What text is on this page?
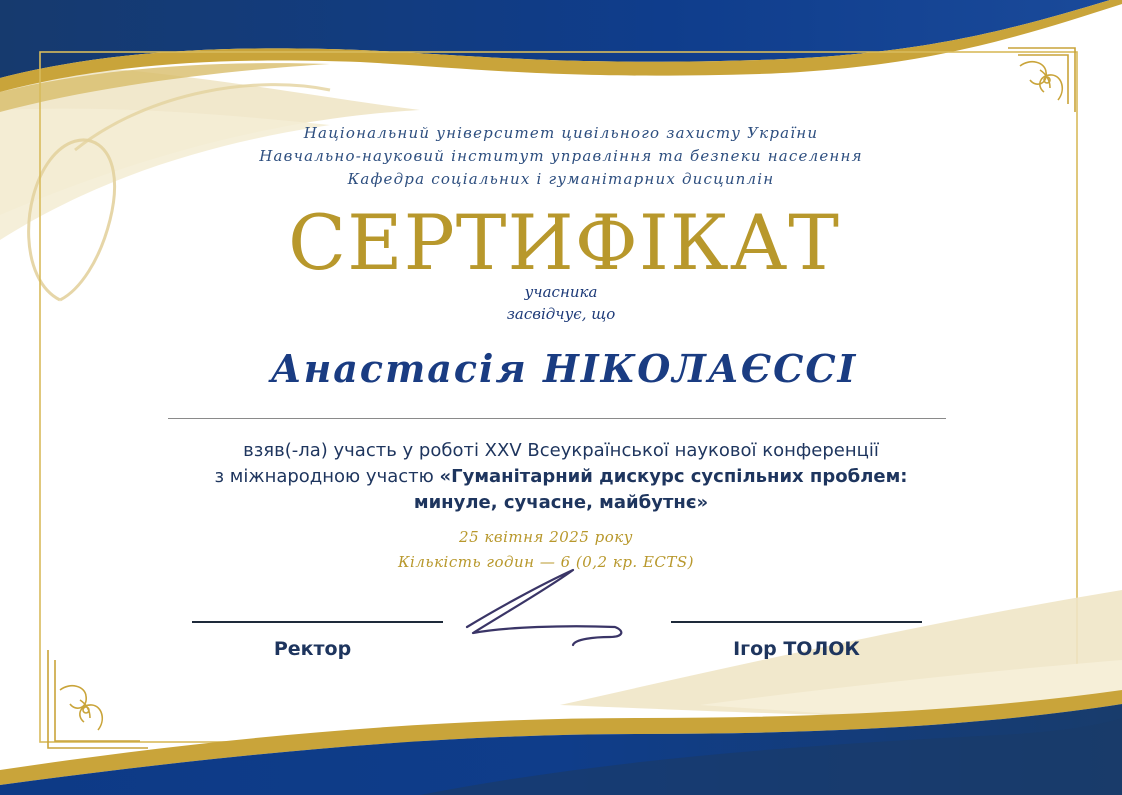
Національний університет цивільного захисту України
Навчально-науковий інститут управління та безпеки населення
Кафедра соціальних і гуманітарних дисциплін
СЕРТИФІКАТ
учасника
засвідчує, що
Анастасія НІКОЛАЄССІ
взяв(-ла) участь у роботі XXV Всеукраїнської наукової конференції
з міжнародною участю «Гуманітарний дискурс суспільних проблем:
минуле, сучасне, майбутнє»
25 квітня 2025 року
Кількість годин — 6 (0,2 кр. ECTS)
Ректор	Ігор ТОЛОК
